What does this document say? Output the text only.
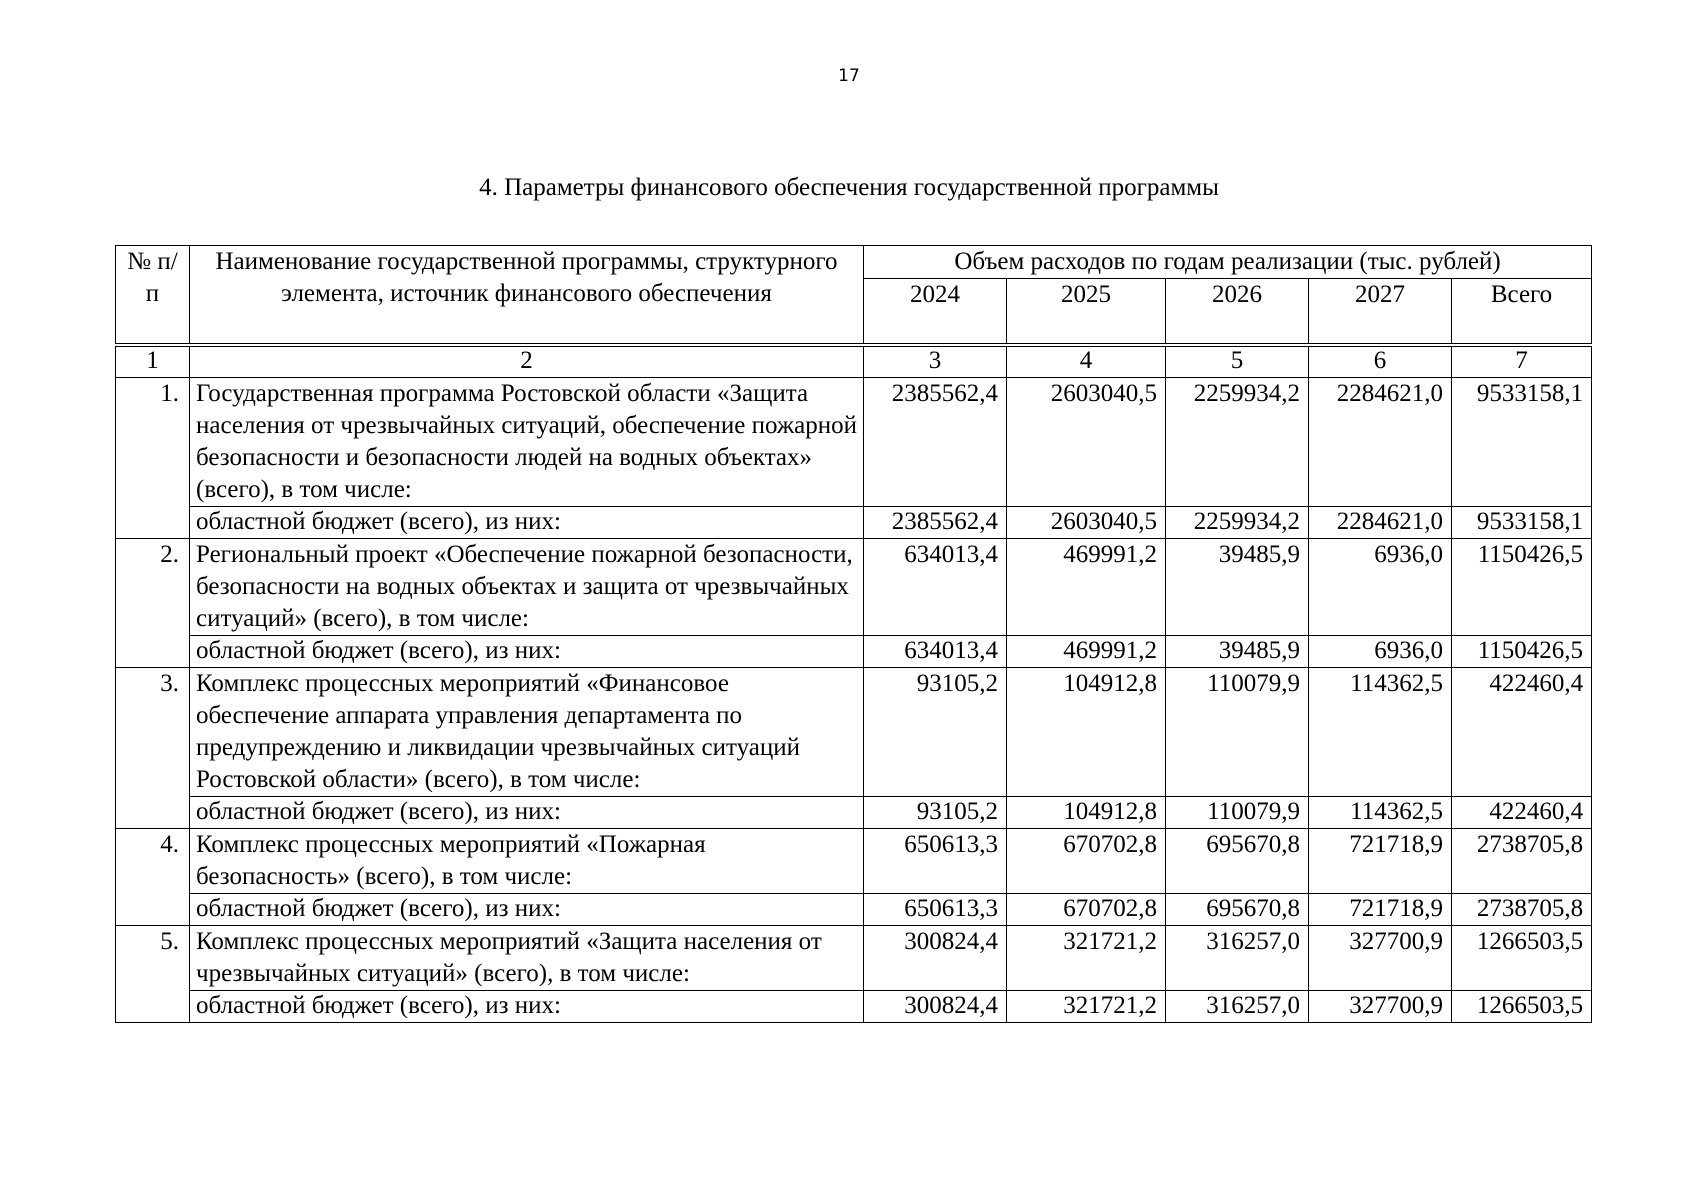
17
4. Параметры финансового обеспечения государственной программы
№ п/п	Наименование государственной программы, структурного элемента, источник финансового обеспечения	Объем расходов по годам реализации (тыс. рублей)				
		2024	2025	2026	2027	Всего
1	2	3	4	5	6	7
1.	Государственная программа Ростовской области «Защита населения от чрезвычайных ситуаций, обеспечение пожарной безопасности и безопасности людей на водных объектах» (всего), в том числе:	2385562,4	2603040,5	2259934,2	2284621,0	9533158,1
	областной бюджет (всего), из них:	2385562,4	2603040,5	2259934,2	2284621,0	9533158,1
2.	Региональный проект «Обеспечение пожарной безопасности, безопасности на водных объектах и защита от чрезвычайных ситуаций» (всего), в том числе:	634013,4	469991,2	39485,9	6936,0	1150426,5
	областной бюджет (всего), из них:	634013,4	469991,2	39485,9	6936,0	1150426,5
3.	Комплекс процессных мероприятий «Финансовое обеспечение аппарата управления департамента по предупреждению и ликвидации чрезвычайных ситуаций Ростовской области» (всего), в том числе:	93105,2	104912,8	110079,9	114362,5	422460,4
	областной бюджет (всего), из них:	93105,2	104912,8	110079,9	114362,5	422460,4
4.	Комплекс процессных мероприятий «Пожарная безопасность» (всего), в том числе:	650613,3	670702,8	695670,8	721718,9	2738705,8
	областной бюджет (всего), из них:	650613,3	670702,8	695670,8	721718,9	2738705,8
5.	Комплекс процессных мероприятий «Защита населения от чрезвычайных ситуаций» (всего), в том числе:	300824,4	321721,2	316257,0	327700,9	1266503,5
	областной бюджет (всего), из них:	300824,4	321721,2	316257,0	327700,9	1266503,5
